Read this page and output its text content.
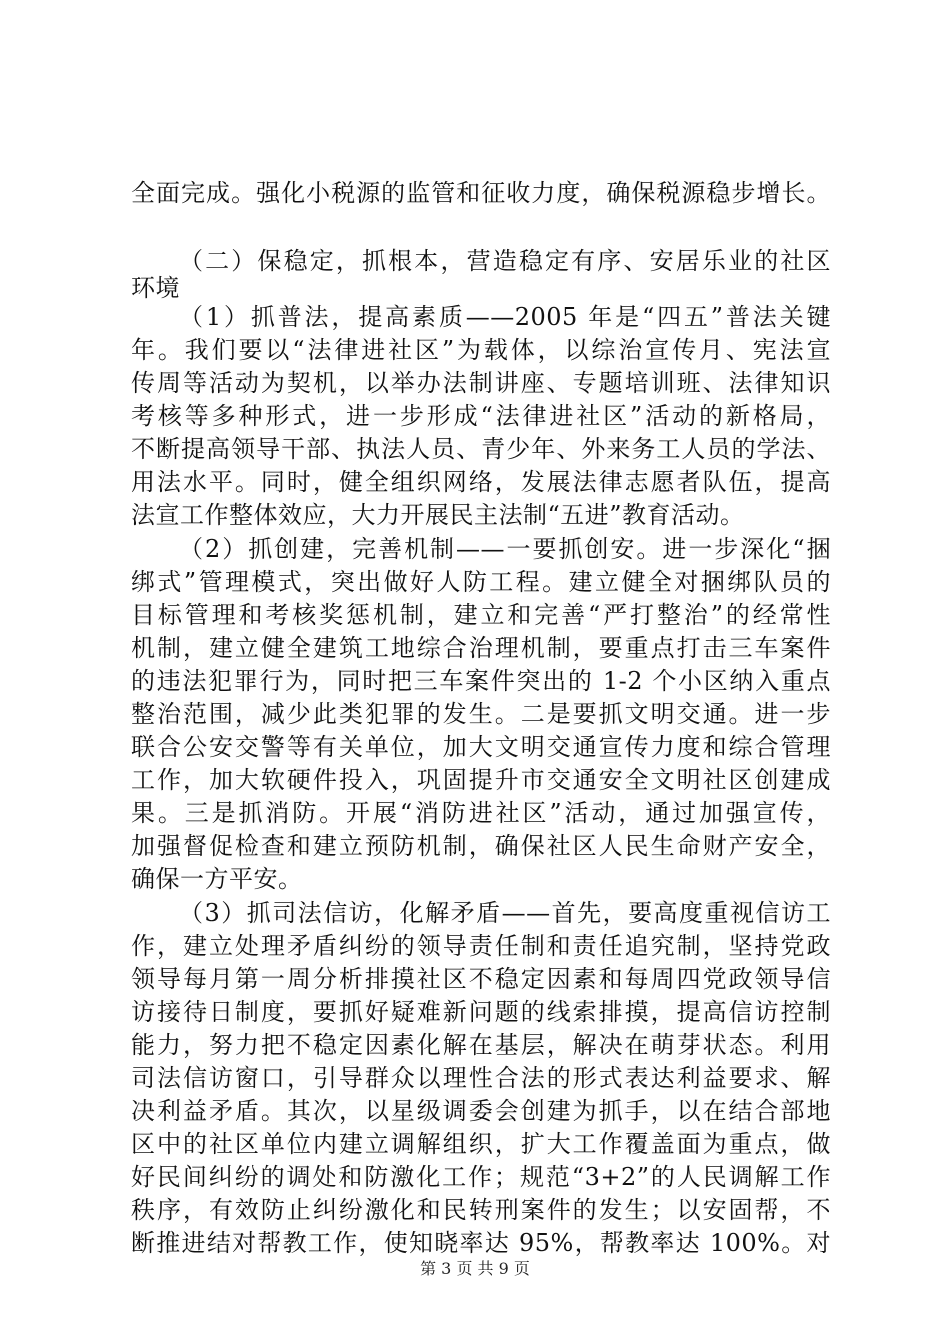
全面完成。强化小税源的监管和征收力度，确保税源稳步增长。
（二）保稳定，抓根本，营造稳定有序、安居乐业的社区
环境
（1）抓普法，提高素质——2005 年是“四五”普法关键
年。我们要以“法律进社区”为载体，以综治宣传月、宪法宣
传周等活动为契机，以举办法制讲座、专题培训班、法律知识
考核等多种形式，进一步形成“法律进社区”活动的新格局，
不断提高领导干部、执法人员、青少年、外来务工人员的学法、
用法水平。同时，健全组织网络，发展法律志愿者队伍，提高
法宣工作整体效应，大力开展民主法制“五进”教育活动。
（2）抓创建，完善机制——一要抓创安。进一步深化“捆
绑式”管理模式，突出做好人防工程。建立健全对捆绑队员的
目标管理和考核奖惩机制，建立和完善“严打整治”的经常性
机制，建立健全建筑工地综合治理机制，要重点打击三车案件
的违法犯罪行为，同时把三车案件突出的 1-2 个小区纳入重点
整治范围，减少此类犯罪的发生。二是要抓文明交通。进一步
联合公安交警等有关单位，加大文明交通宣传力度和综合管理
工作，加大软硬件投入，巩固提升市交通安全文明社区创建成
果。三是抓消防。开展“消防进社区”活动，通过加强宣传，
加强督促检查和建立预防机制，确保社区人民生命财产安全，
确保一方平安。
（3）抓司法信访，化解矛盾——首先，要高度重视信访工
作，建立处理矛盾纠纷的领导责任制和责任追究制，坚持党政
领导每月第一周分析排摸社区不稳定因素和每周四党政领导信
访接待日制度，要抓好疑难新问题的线索排摸，提高信访控制
能力，努力把不稳定因素化解在基层，解决在萌芽状态。利用
司法信访窗口，引导群众以理性合法的形式表达利益要求、解
决利益矛盾。其次，以星级调委会创建为抓手，以在结合部地
区中的社区单位内建立调解组织，扩大工作覆盖面为重点，做
好民间纠纷的调处和防激化工作；规范“3+2”的人民调解工作
秩序，有效防止纠纷激化和民转刑案件的发生；以安固帮，不
断推进结对帮教工作，使知晓率达 95%，帮教率达 100%。对
第 3 页 共 9 页
